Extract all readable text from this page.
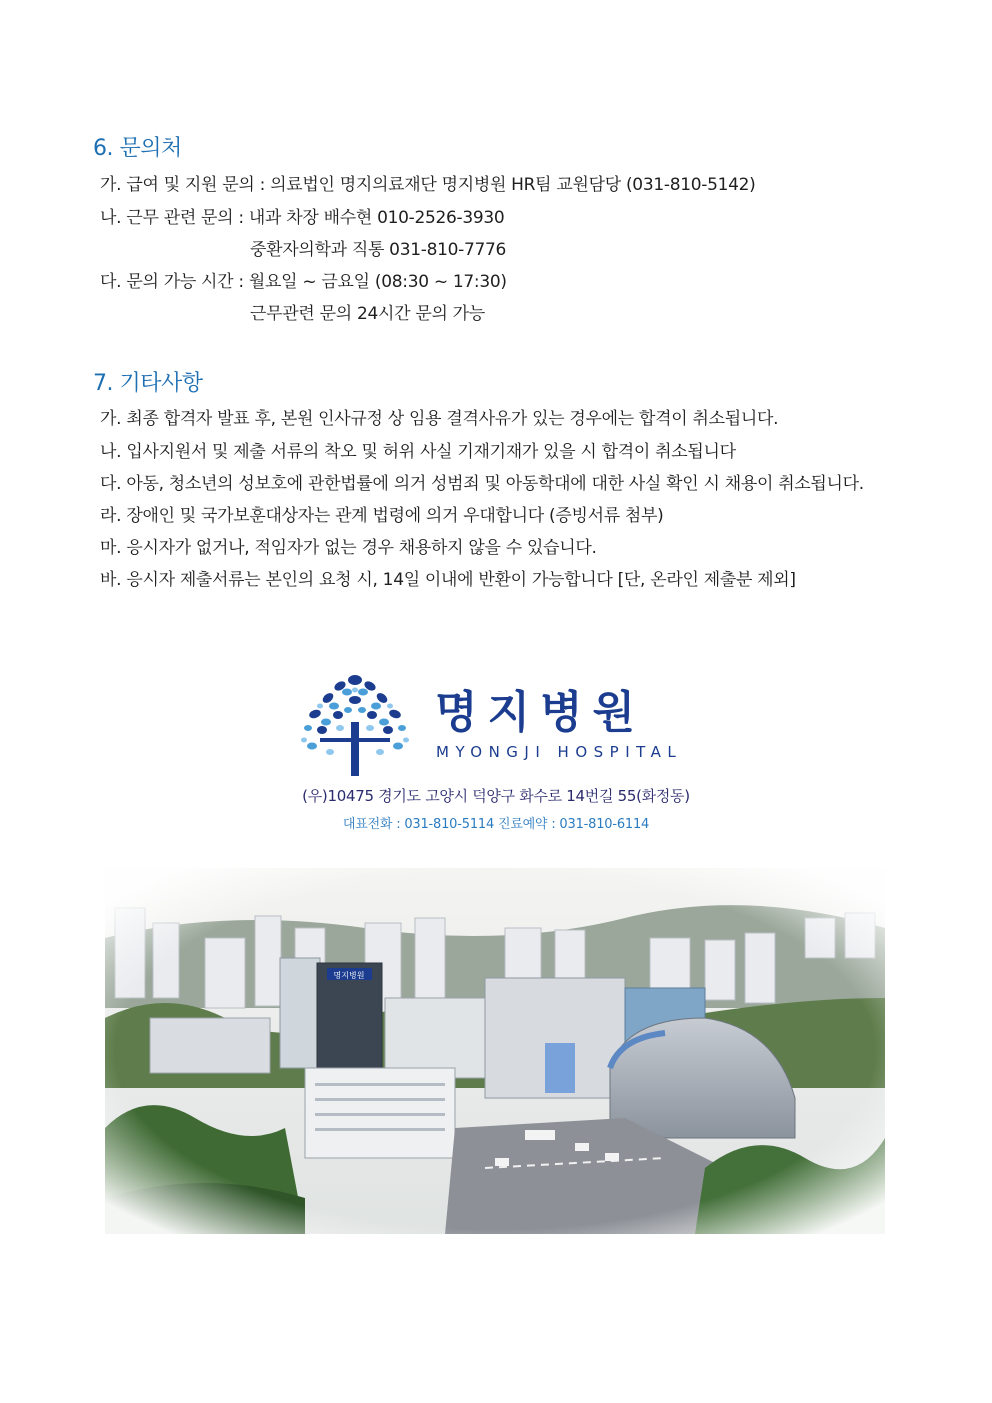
6. 문의처
가. 급여 및 지원 문의 : 의료법인 명지의료재단 명지병원 HR팀 교원담당 (031-810-5142)
나. 근무 관련 문의 : 내과 차장 배수현 010-2526-3930
중환자의학과 직통 031-810-7776
다. 문의 가능 시간 : 월요일 ~ 금요일 (08:30 ~ 17:30)
근무관련 문의 24시간 문의 가능
7. 기타사항
가. 최종 합격자 발표 후, 본원 인사규정 상 임용 결격사유가 있는 경우에는 합격이 취소됩니다.
나. 입사지원서 및 제출 서류의 착오 및 허위 사실 기재기재가 있을 시 합격이 취소됩니다
다. 아동, 청소년의 성보호에 관한법률에 의거 성범죄 및 아동학대에 대한 사실 확인 시 채용이 취소됩니다.
라. 장애인 및 국가보훈대상자는 관계 법령에 의거 우대합니다 (증빙서류 첨부)
마. 응시자가 없거나, 적임자가 없는 경우 채용하지 않을 수 있습니다.
바. 응시자 제출서류는 본인의 요청 시, 14일 이내에 반환이 가능합니다 [단, 온라인 제출분 제외]
명지병원
MYONGJI HOSPITAL
(우)10475 경기도 고양시 덕양구 화수로 14번길 55(화정동)
대표전화 : 031-810-5114 진료예약 : 031-810-6114
